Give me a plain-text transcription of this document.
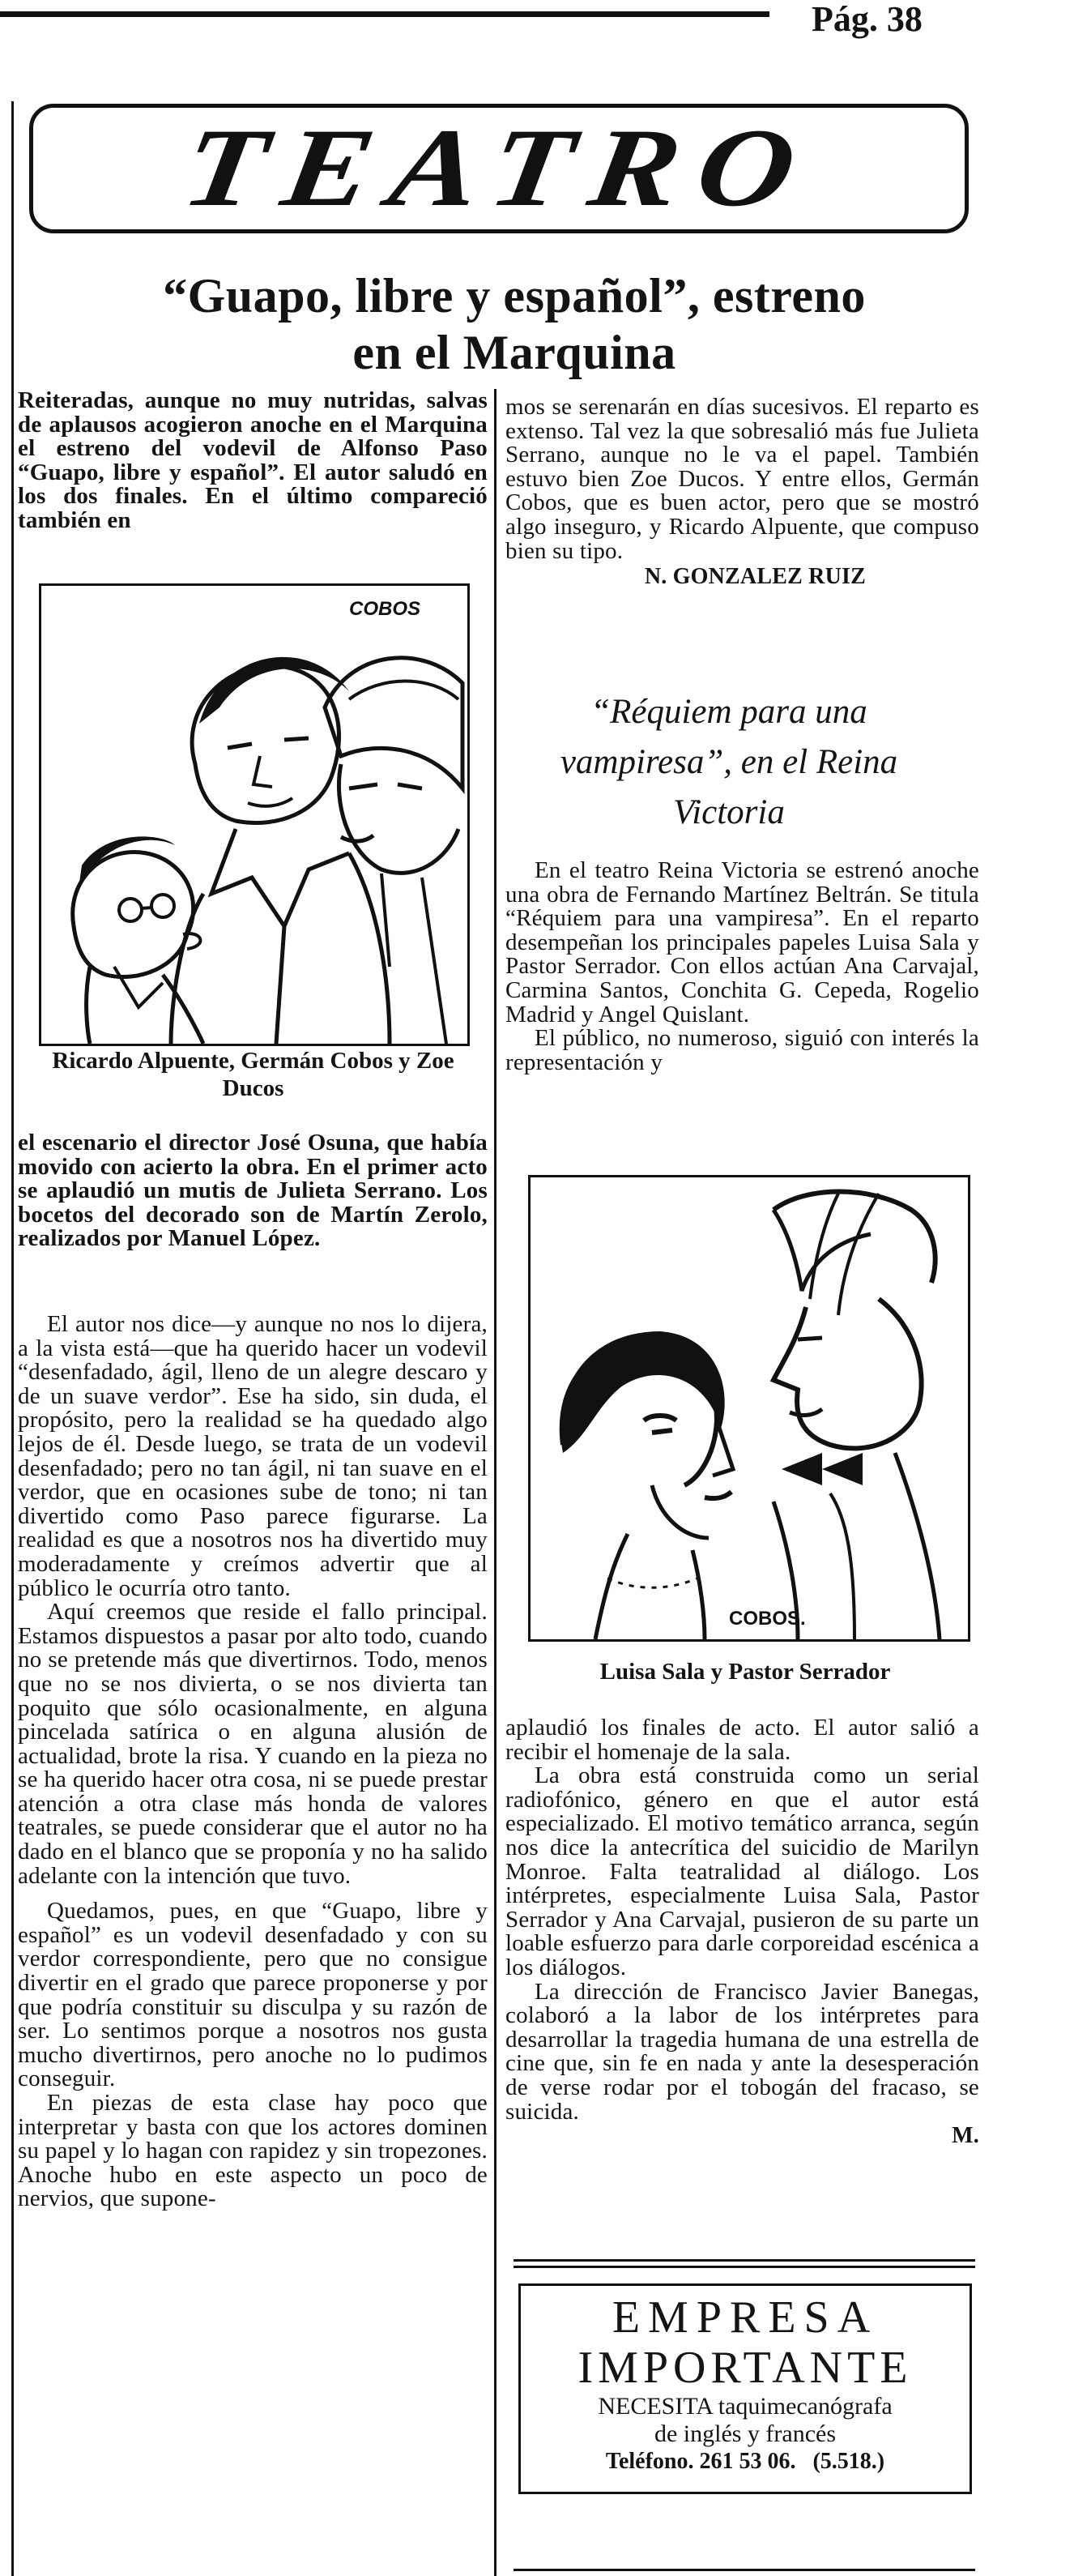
Pág. 38
TEATRO
“Guapo, libre y español”, estreno
en el Marquina
Reiteradas, aunque no muy nutridas, salvas de aplausos acogieron anoche en el Marquina el estreno del vodevil de Alfonso Paso “Guapo, libre y español”. El autor saludó en los dos finales. En el último compareció también en
COBOS
Ricardo Alpuente, Germán Cobos y Zoe Ducos
el escenario el director José Osuna, que había movido con acierto la obra. En el primer acto se aplaudió un mutis de Julieta Serrano. Los bocetos del decorado son de Martín Zerolo, realizados por Manuel López.

El autor nos dice—y aunque no nos lo dijera, a la vista está—que ha querido hacer un vodevil “desenfadado, ágil, lleno de un alegre descaro y de un suave verdor”. Ese ha sido, sin duda, el propósito, pero la realidad se ha quedado algo lejos de él. Desde luego, se trata de un vodevil desenfadado; pero no tan ágil, ni tan suave en el verdor, que en ocasiones sube de tono; ni tan divertido como Paso parece figurarse. La realidad es que a nosotros nos ha divertido muy moderadamente y creímos advertir que al público le ocurría otro tanto.

Aquí creemos que reside el fallo principal. Estamos dispuestos a pasar por alto todo, cuando no se pretende más que divertirnos. Todo, menos que no se nos divierta, o se nos divierta tan poquito que sólo ocasionalmente, en alguna pincelada satírica o en alguna alusión de actualidad, brote la risa. Y cuando en la pieza no se ha querido hacer otra cosa, ni se puede prestar atención a otra clase más honda de valores teatrales, se puede considerar que el autor no ha dado en el blanco que se proponía y no ha salido adelante con la intención que tuvo.

Quedamos, pues, en que “Guapo, libre y español” es un vodevil desenfadado y con su verdor correspondiente, pero que no consigue divertir en el grado que parece proponerse y por que podría constituir su disculpa y su razón de ser. Lo sentimos porque a nosotros nos gusta mucho divertirnos, pero anoche no lo pudimos conseguir.

En piezas de esta clase hay poco que interpretar y basta con que los actores dominen su papel y lo hagan con rapidez y sin tropezones. Anoche hubo en este aspecto un poco de nervios, que supone-

mos se serenarán en días sucesivos. El reparto es extenso. Tal vez la que sobresalió más fue Julieta Serrano, aunque no le va el papel. También estuvo bien Zoe Ducos. Y entre ellos, Germán Cobos, que es buen actor, pero que se mostró algo inseguro, y Ricardo Alpuente, que compuso bien su tipo.

N. GONZALEZ RUIZ

“Réquiem para una vampiresa”, en el Reina Victoria

En el teatro Reina Victoria se estrenó anoche una obra de Fernando Martínez Beltrán. Se titula “Réquiem para una vampiresa”. En el reparto desempeñan los principales papeles Luisa Sala y Pastor Serrador. Con ellos actúan Ana Carvajal, Carmina Santos, Conchita G. Cepeda, Rogelio Madrid y Angel Quislant.

El público, no numeroso, siguió con interés la representación y

COBOS.
Luisa Sala y Pastor Serrador

aplaudió los finales de acto. El autor salió a recibir el homenaje de la sala.

La obra está construida como un serial radiofónico, género en que el autor está especializado. El motivo temático arranca, según nos dice la antecrítica del suicidio de Marilyn Monroe. Falta teatralidad al diálogo. Los intérpretes, especialmente Luisa Sala, Pastor Serrador y Ana Carvajal, pusieron de su parte un loable esfuerzo para darle corporeidad escénica a los diálogos.

La dirección de Francisco Javier Banegas, colaboró a la labor de los intérpretes para desarrollar la tragedia humana de una estrella de cine que, sin fe en nada y ante la desesperación de verse rodar por el tobogán del fracaso, se suicida.

M.

EMPRESA
IMPORTANTE
NECESITA taquimecanógrafa
de inglés y francés
Teléfono. 261 53 06.   (5.518.)
